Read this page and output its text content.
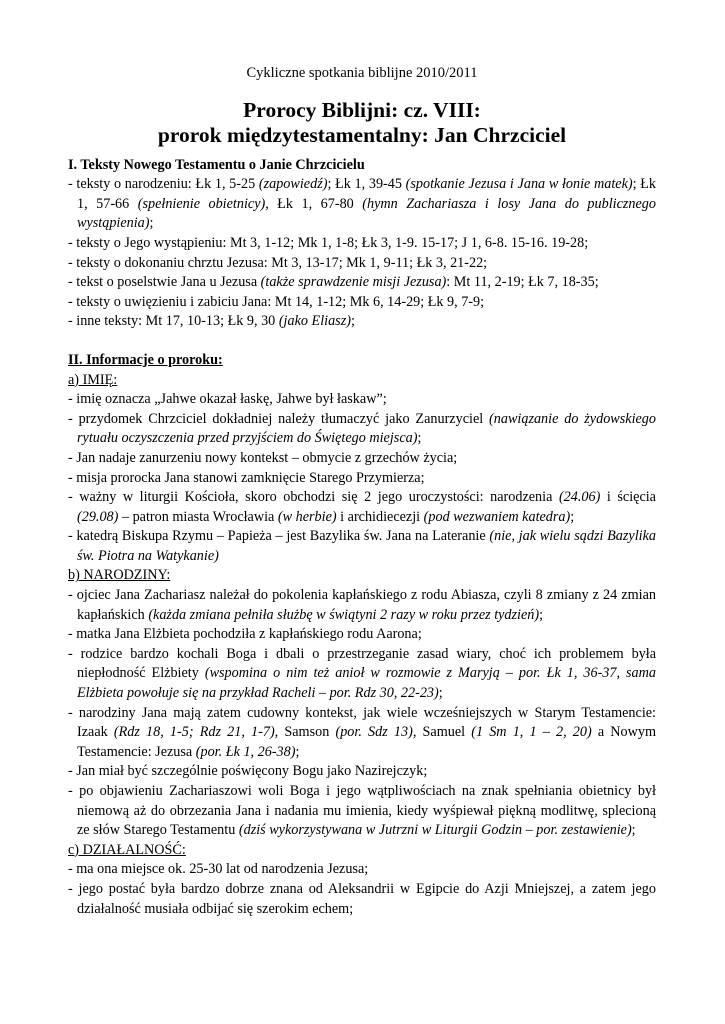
Cykliczne spotkania biblijne 2010/2011
Prorocy Biblijni: cz. VIII:
prorok międzytestamentalny: Jan Chrzciciel
I. Teksty Nowego Testamentu o Janie Chrzcicielu
- teksty o narodzeniu: Łk 1, 5-25 (zapowiedź); Łk 1, 39-45 (spotkanie Jezusa i Jana w łonie matek); Łk 1, 57-66 (spełnienie obietnicy), Łk 1, 67-80 (hymn Zachariasza i losy Jana do publicznego wystąpienia);
- teksty o Jego wystąpieniu: Mt 3, 1-12; Mk 1, 1-8; Łk 3, 1-9. 15-17; J 1, 6-8. 15-16. 19-28;
- teksty o dokonaniu chrztu Jezusa: Mt 3, 13-17; Mk 1, 9-11; Łk 3, 21-22;
- tekst o poselstwie Jana u Jezusa (także sprawdzenie misji Jezusa): Mt 11, 2-19; Łk 7, 18-35;
- teksty o uwięzieniu i zabiciu Jana: Mt 14, 1-12; Mk 6, 14-29; Łk 9, 7-9;
- inne teksty: Mt 17, 10-13; Łk 9, 30 (jako Eliasz);
II. Informacje o proroku:
a) IMIĘ:
- imię oznacza „Jahwe okazał łaskę, Jahwe był łaskaw”;
- przydomek Chrzciciel dokładniej należy tłumaczyć jako Zanurzyciel (nawiązanie do żydowskiego rytuału oczyszczenia przed przyjściem do Świętego miejsca);
- Jan nadaje zanurzeniu nowy kontekst – obmycie z grzechów życia;
- misja prorocka Jana stanowi zamknięcie Starego Przymierza;
- ważny w liturgii Kościoła, skoro obchodzi się 2 jego uroczystości: narodzenia (24.06) i ścięcia (29.08) – patron miasta Wrocławia (w herbie) i archidiecezji (pod wezwaniem katedra);
- katedrą Biskupa Rzymu – Papieża – jest Bazylika św. Jana na Lateranie (nie, jak wielu sądzi Bazylika św. Piotra na Watykanie)
b) NARODZINY:
- ojciec Jana Zachariasz należał do pokolenia kapłańskiego z rodu Abiasza, czyli 8 zmiany z 24 zmian kapłańskich (każda zmiana pełniła służbę w świątyni 2 razy w roku przez tydzień);
- matka Jana Elżbieta pochodziła z kapłańskiego rodu Aarona;
- rodzice bardzo kochali Boga i dbali o przestrzeganie zasad wiary, choć ich problemem była niepłodność Elżbiety (wspomina o nim też anioł w rozmowie z Maryją – por. Łk 1, 36-37, sama Elżbieta powołuje się na przykład Racheli – por. Rdz 30, 22-23);
- narodziny Jana mają zatem cudowny kontekst, jak wiele wcześniejszych w Starym Testamencie: Izaak (Rdz 18, 1-5; Rdz 21, 1-7), Samson (por. Sdz 13), Samuel (1 Sm 1, 1 – 2, 20) a Nowym Testamencie: Jezusa (por. Łk 1, 26-38);
- Jan miał być szczególnie poświęcony Bogu jako Nazirejczyk;
- po objawieniu Zachariaszowi woli Boga i jego wątpliwościach na znak spełniania obietnicy był niemową aż do obrzezania Jana i nadania mu imienia, kiedy wyśpiewał piękną modlitwę, splecioną ze słów Starego Testamentu (dziś wykorzystywana w Jutrzni w Liturgii Godzin – por. zestawienie);
c) DZIAŁALNOŚĆ:
- ma ona miejsce ok. 25-30 lat od narodzenia Jezusa;
- jego postać była bardzo dobrze znana od Aleksandrii w Egipcie do Azji Mniejszej, a zatem jego działalność musiała odbijać się szerokim echem;
